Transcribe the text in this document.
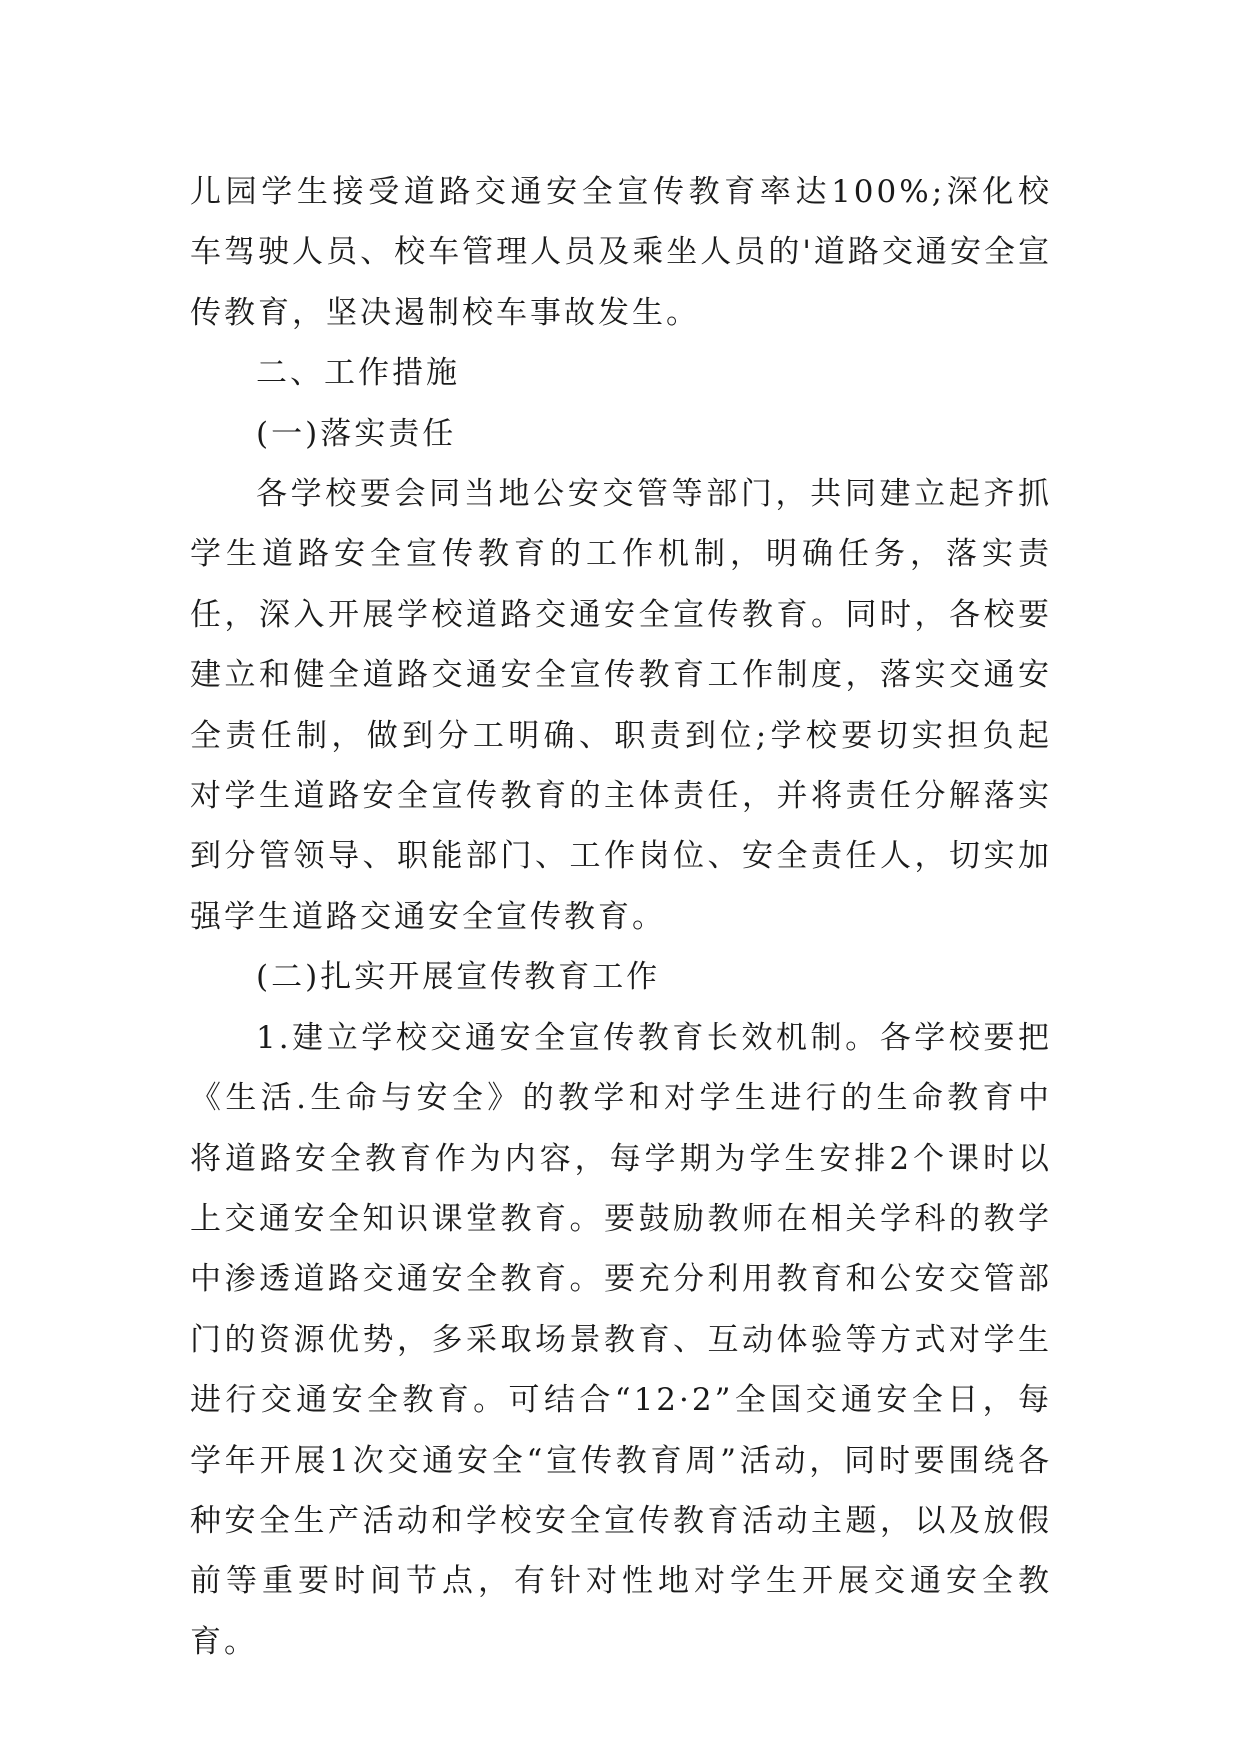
儿园学生接受道路交通安全宣传教育率达100%;深化校车驾驶人员、校车管理人员及乘坐人员的'道路交通安全宣传教育，坚决遏制校车事故发生。

二、工作措施

(一)落实责任

各学校要会同当地公安交管等部门，共同建立起齐抓学生道路安全宣传教育的工作机制，明确任务，落实责任，深入开展学校道路交通安全宣传教育。同时，各校要建立和健全道路交通安全宣传教育工作制度，落实交通安全责任制，做到分工明确、职责到位;学校要切实担负起对学生道路安全宣传教育的主体责任，并将责任分解落实到分管领导、职能部门、工作岗位、安全责任人，切实加强学生道路交通安全宣传教育。

(二)扎实开展宣传教育工作

1.建立学校交通安全宣传教育长效机制。各学校要把《生活.生命与安全》的教学和对学生进行的生命教育中将道路安全教育作为内容，每学期为学生安排2个课时以上交通安全知识课堂教育。要鼓励教师在相关学科的教学中渗透道路交通安全教育。要充分利用教育和公安交管部门的资源优势，多采取场景教育、互动体验等方式对学生进行交通安全教育。可结合“12·2”全国交通安全日，每学年开展1次交通安全“宣传教育周”活动，同时要围绕各种安全生产活动和学校安全宣传教育活动主题，以及放假前等重要时间节点，有针对性地对学生开展交通安全教育。
